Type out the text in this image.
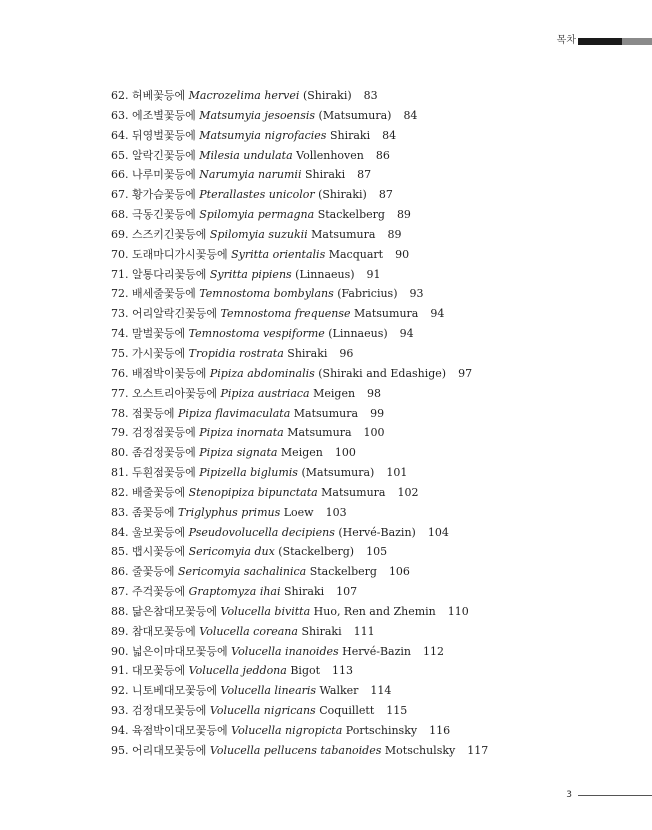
목차
62. 허베꽃등에 Macrozelima hervei (Shiraki) 83
63. 에조별꽃등에 Matsumyia jesoensis (Matsumura) 84
64. 뒤영벌꽃등에 Matsumyia nigrofacies Shiraki 84
65. 알락긴꽃등에 Milesia undulata Vollenhoven 86
66. 나루미꽃등에 Narumyia narumii Shiraki 87
67. 황가슴꽃등에 Pterallastes unicolor (Shiraki) 87
68. 극동긴꽃등에 Spilomyia permagna Stackelberg 89
69. 스즈키긴꽃등에 Spilomyia suzukii Matsumura 89
70. 도래마디가시꽃등에 Syritta orientalis Macquart 90
71. 알통다리꽃등에 Syritta pipiens (Linnaeus) 91
72. 배세줄꽃등에 Temnostoma bombylans (Fabricius) 93
73. 어리알락긴꽃등에 Temnostoma frequense Matsumura 94
74. 말벌꽃등에 Temnostoma vespiforme (Linnaeus) 94
75. 가시꽃등에 Tropidia rostrata Shiraki 96
76. 배점박이꽃등에 Pipiza abdominalis (Shiraki and Edashige) 97
77. 오스트리아꽃등에 Pipiza austriaca Meigen 98
78. 점꽃등에 Pipiza flavimaculata Matsumura 99
79. 검정점꽃등에 Pipiza inornata Matsumura 100
80. 좀검정꽃등에 Pipiza signata Meigen 100
81. 두흰점꽃등에 Pipizella biglumis (Matsumura) 101
82. 배줄꽃등에 Stenopipiza bipunctata Matsumura 102
83. 좀꽃등에 Triglyphus primus Loew 103
84. 울보꽃등에 Pseudovolucella decipiens (Hervé-Bazin) 104
85. 뱁시꽃등에 Sericomyia dux (Stackelberg) 105
86. 줄꽃등에 Sericomyia sachalinica Stackelberg 106
87. 주걱꽃등에 Graptomyza ihai Shiraki 107
88. 닮은참대모꽃등에 Volucella bivitta Huo, Ren and Zhemin 110
89. 참대모꽃등에 Volucella coreana Shiraki 111
90. 넓은이마대모꽃등에 Volucella inanoides Hervé-Bazin 112
91. 대모꽃등에 Volucella jeddona Bigot 113
92. 니토베대모꽃등에 Volucella linearis Walker 114
93. 검정대모꽃등에 Volucella nigricans Coquillett 115
94. 육점박이대모꽃등에 Volucella nigropicta Portschinsky 116
95. 어리대모꽃등에 Volucella pellucens tabanoides Motschulsky 117
3
